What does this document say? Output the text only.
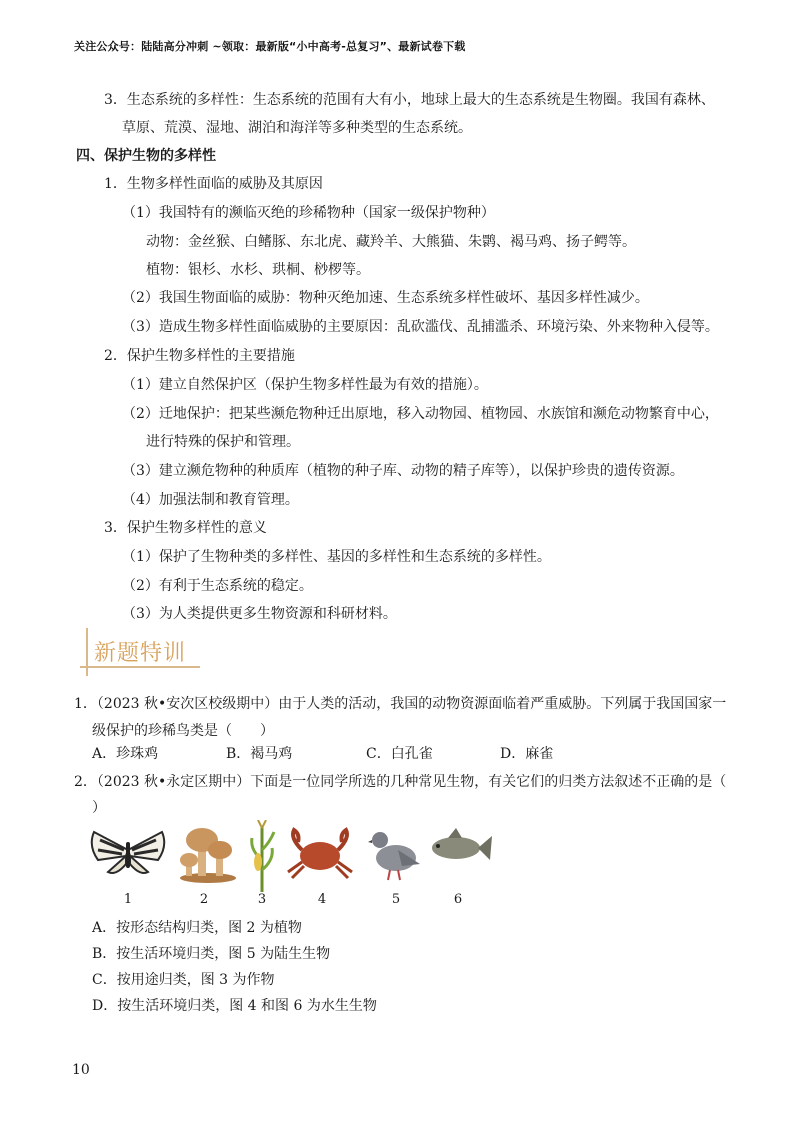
关注公众号：陆陆高分冲刺 ~领取：最新版“小中高考-总复习”、最新试卷下载
3．生态系统的多样性：生态系统的范围有大有小，地球上最大的生态系统是生物圈。我国有森林、
草原、荒漠、湿地、湖泊和海洋等多种类型的生态系统。
四、保护生物的多样性
1．生物多样性面临的威胁及其原因
（1）我国特有的濒临灭绝的珍稀物种（国家一级保护物种）
动物：金丝猴、白鳍豚、东北虎、藏羚羊、大熊猫、朱鹮、褐马鸡、扬子鳄等。
植物：银杉、水杉、珙桐、桫椤等。
（2）我国生物面临的威胁：物种灭绝加速、生态系统多样性破坏、基因多样性减少。
（3）造成生物多样性面临威胁的主要原因：乱砍滥伐、乱捕滥杀、环境污染、外来物种入侵等。
2．保护生物多样性的主要措施
（1）建立自然保护区（保护生物多样性最为有效的措施）。
（2）迁地保护：把某些濒危物种迁出原地，移入动物园、植物园、水族馆和濒危动物繁育中心，
进行特殊的保护和管理。
（3）建立濒危物种的种质库（植物的种子库、动物的精子库等），以保护珍贵的遗传资源。
（4）加强法制和教育管理。
3．保护生物多样性的意义
（1）保护了生物种类的多样性、基因的多样性和生态系统的多样性。
（2）有利于生态系统的稳定。
（3）为人类提供更多生物资源和科研材料。
新题特训
1．（2023 秋•安次区校级期中）由于人类的活动，我国的动物资源面临着严重威胁。下列属于我国国家一
级保护的珍稀鸟类是（　　）
A．珍珠鸡	B．褐马鸡	C．白孔雀	D．麻雀
2．（2023 秋•永定区期中）下面是一位同学所选的几种常见生物，有关它们的归类方法叙述不正确的是（
）
1	2	3	4	5	6
A．按形态结构归类，图 2 为植物
B．按生活环境归类，图 5 为陆生生物
C．按用途归类，图 3 为作物
D．按生活环境归类，图 4 和图 6 为水生生物
10
